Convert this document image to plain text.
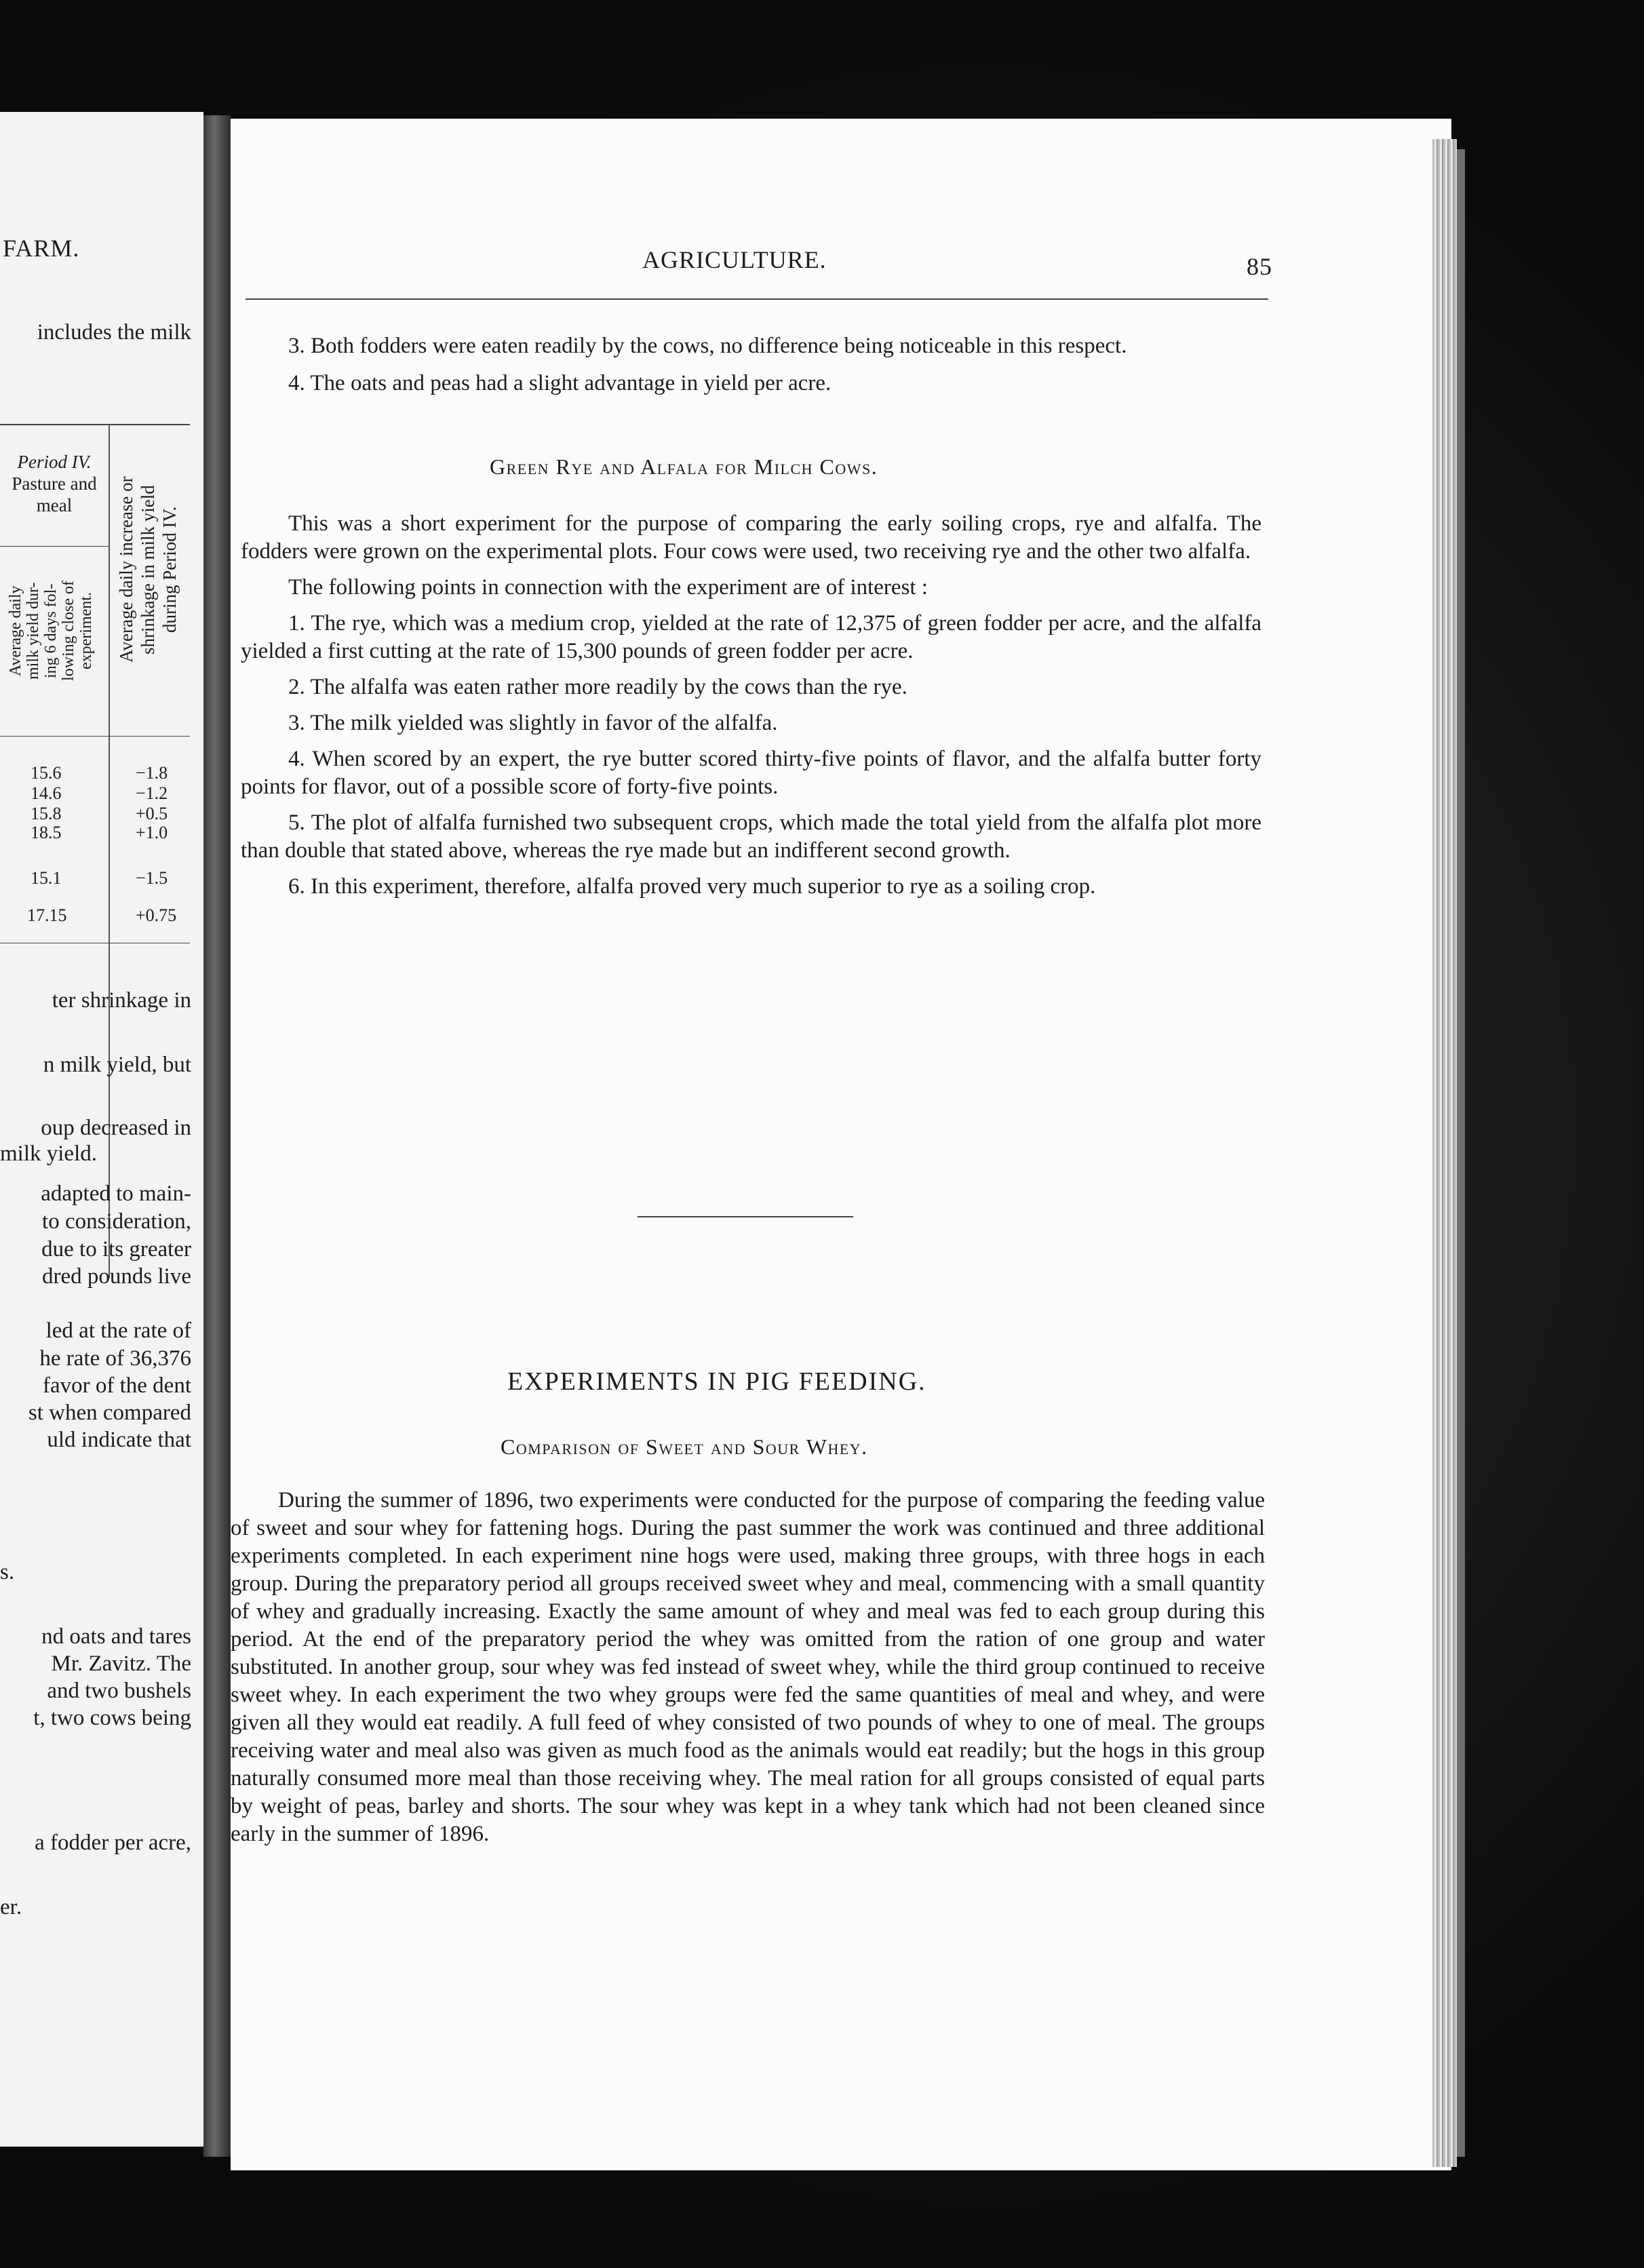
FARM.
includes the milk
Period IV.
Pasture and
meal
Average daily milk yield dur- ing 6 days fol- lowing close of experiment. Average daily increase or shrinkage in milk yield during Period IV.
15.6
14.6
15.8
18.5
15.1
17.15
−1.8
−1.2
+0.5
+1.0
−1.5
+0.75
ter shrinkage in
n milk yield, but
oup decreased in
milk yield.
adapted to main-
to consideration,
due to its greater
dred pounds live
led at the rate of
he rate of 36,376
favor of the dent
st when compared
uld indicate that
s.
nd oats and tares
Mr. Zavitz. The
and two bushels
t, two cows being
a fodder per acre,
er.
AGRICULTURE.	85
3. Both fodders were eaten readily by the cows, no difference being noticeable in this respect.
4. The oats and peas had a slight advantage in yield per acre.
Green Rye and Alfala for Milch Cows.
This was a short experiment for the purpose of comparing the early soiling crops, rye and alfalfa. The fodders were grown on the experimental plots. Four cows were used, two receiving rye and the other two alfalfa.
The following points in connection with the experiment are of interest :
1. The rye, which was a medium crop, yielded at the rate of 12,375 of green fodder per acre, and the alfalfa yielded a first cutting at the rate of 15,300 pounds of green fodder per acre.
2. The alfalfa was eaten rather more readily by the cows than the rye.
3. The milk yielded was slightly in favor of the alfalfa.
4. When scored by an expert, the rye butter scored thirty-five points of flavor, and the alfalfa butter forty points for flavor, out of a possible score of forty-five points.
5. The plot of alfalfa furnished two subsequent crops, which made the total yield from the alfalfa plot more than double that stated above, whereas the rye made but an indifferent second growth.
6. In this experiment, therefore, alfalfa proved very much superior to rye as a soiling crop.
EXPERIMENTS IN PIG FEEDING.
Comparison of Sweet and Sour Whey.
During the summer of 1896, two experiments were conducted for the purpose of comparing the feeding value of sweet and sour whey for fattening hogs. During the past summer the work was continued and three additional experiments completed. In each experiment nine hogs were used, making three groups, with three hogs in each group. During the preparatory period all groups received sweet whey and meal, commencing with a small quantity of whey and gradually increasing. Exactly the same amount of whey and meal was fed to each group during this period. At the end of the preparatory period the whey was omitted from the ration of one group and water substituted. In another group, sour whey was fed instead of sweet whey, while the third group continued to receive sweet whey. In each experiment the two whey groups were fed the same quantities of meal and whey, and were given all they would eat readily. A full feed of whey consisted of two pounds of whey to one of meal. The groups receiving water and meal also was given as much food as the animals would eat readily; but the hogs in this group naturally consumed more meal than those receiving whey. The meal ration for all groups consisted of equal parts by weight of peas, barley and shorts. The sour whey was kept in a whey tank which had not been cleaned since early in the summer of 1896.
